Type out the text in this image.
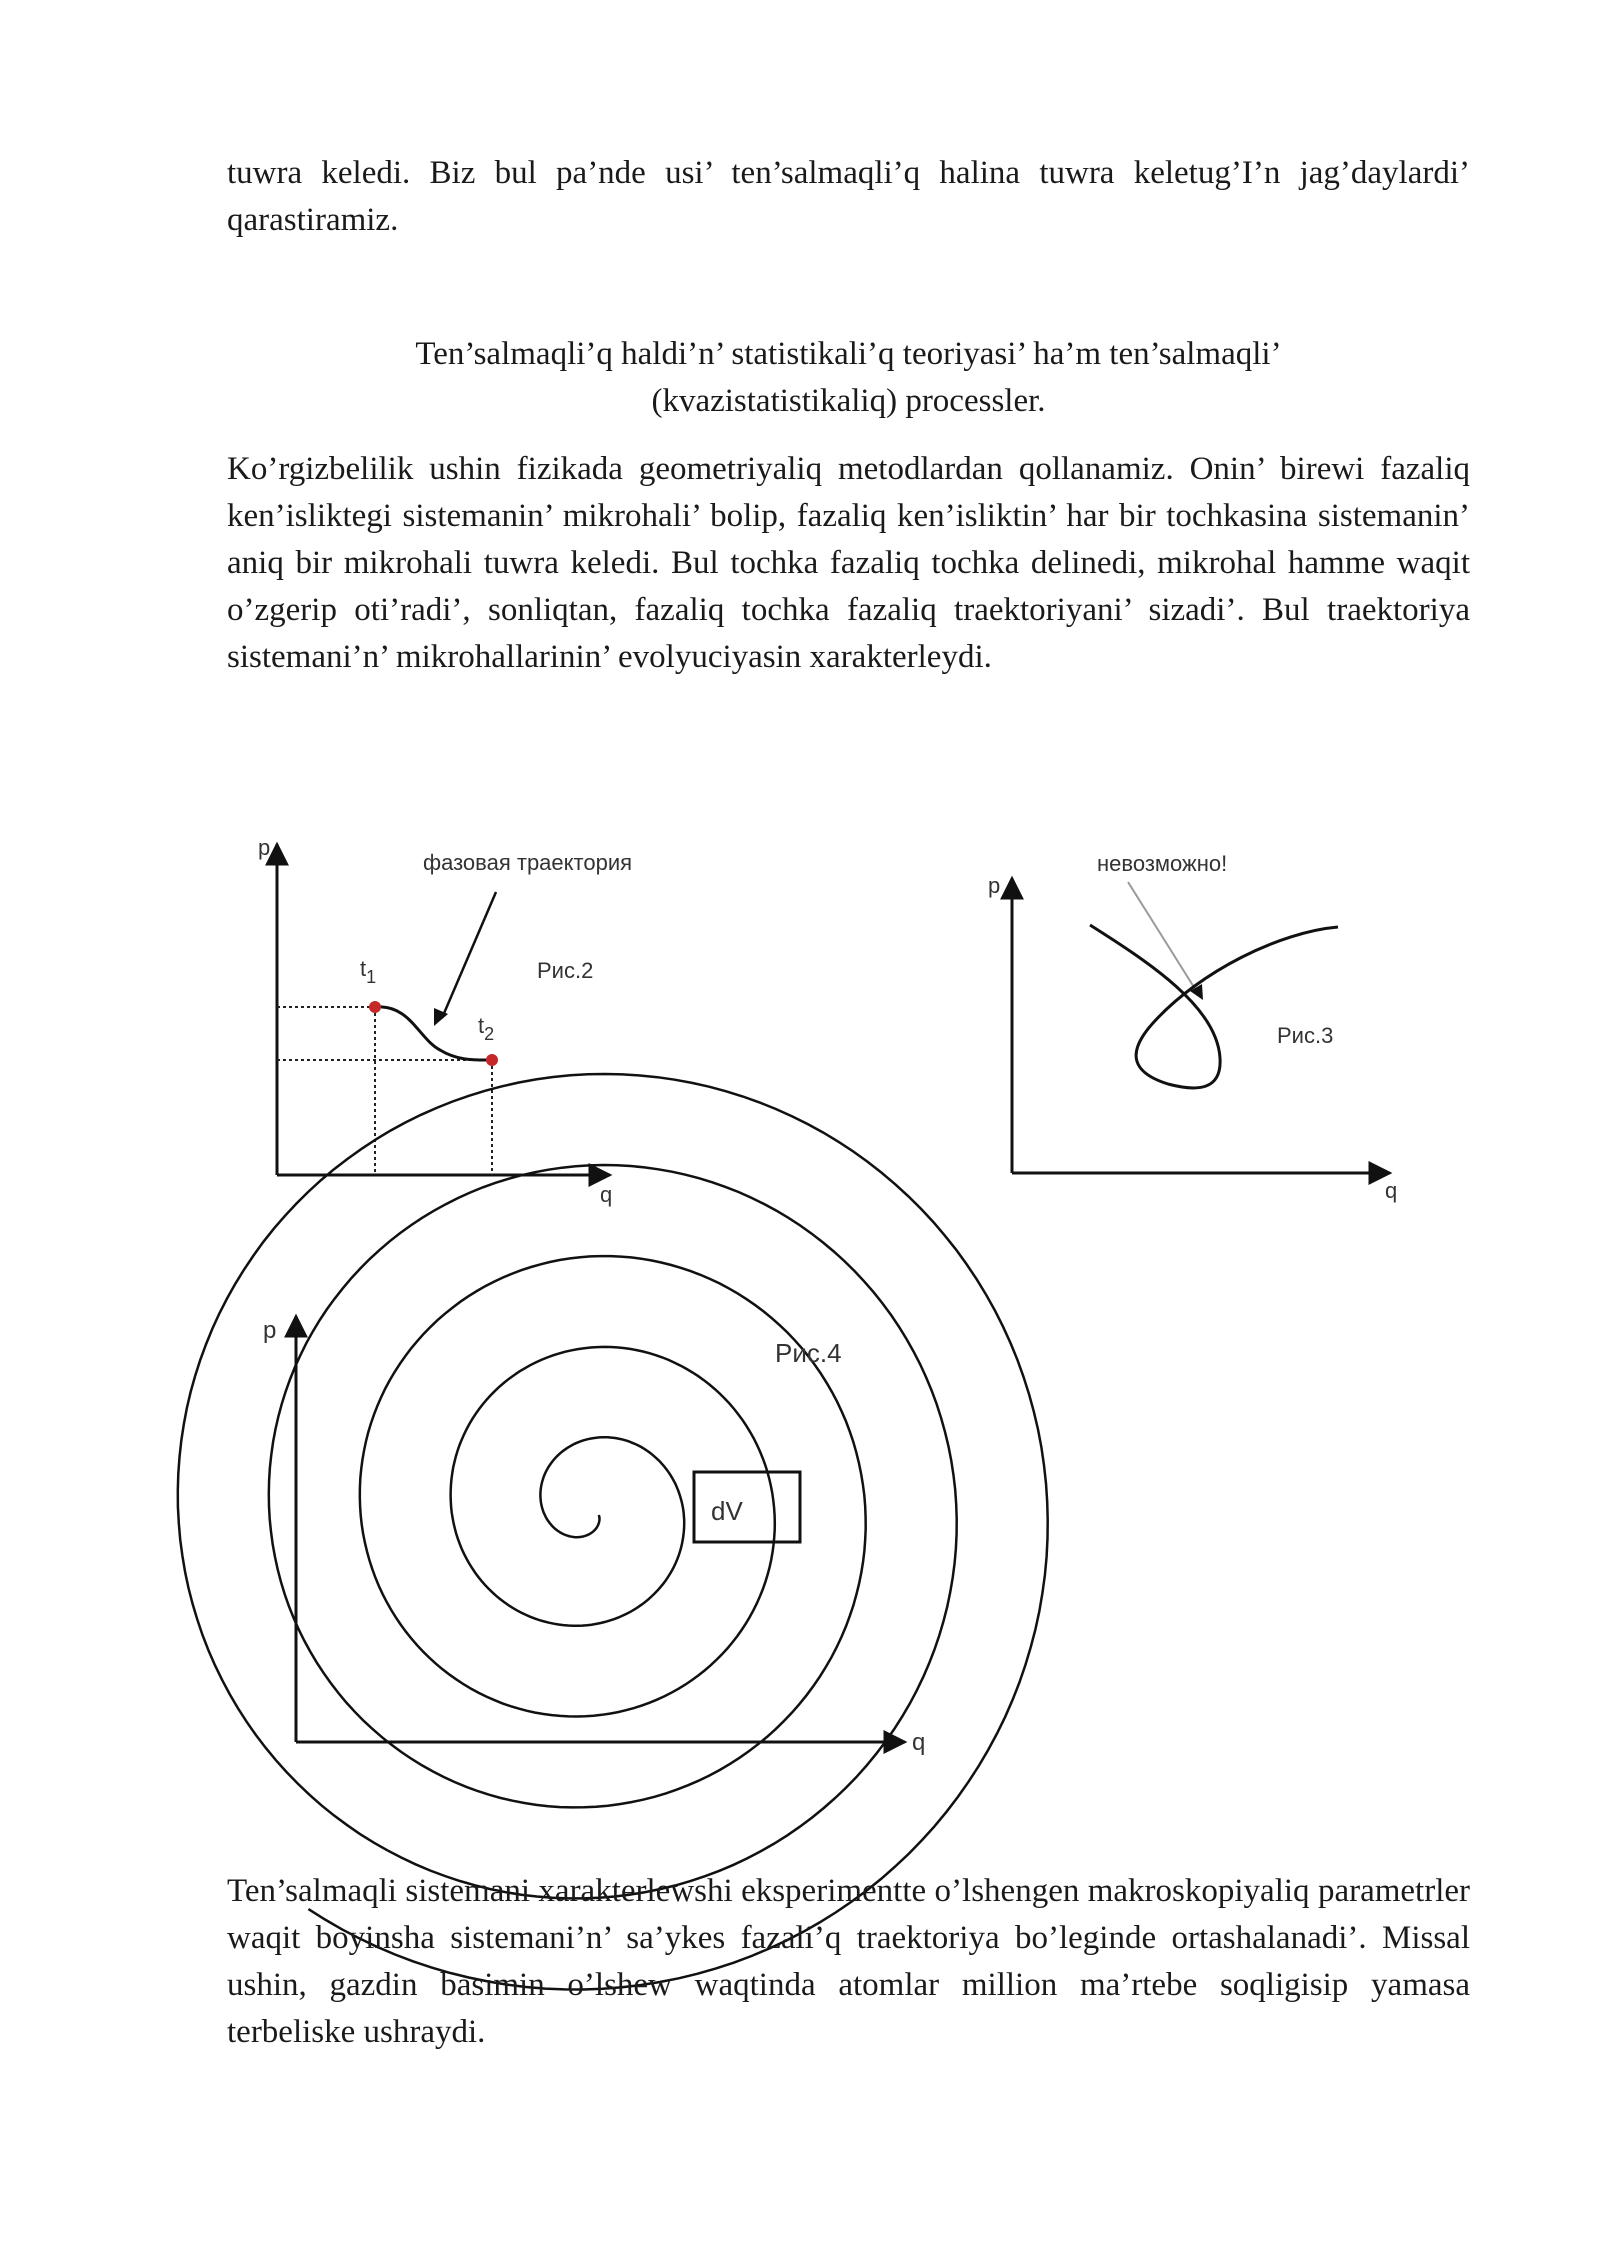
tuwra keledi. Biz bul pa’nde usi’ ten’salmaqli’q halina tuwra keletug’I’n jag’daylardi’ qarastiramiz.

Ten’salmaqli’q haldi’n’ statistikali’q teoriyasi’ ha’m ten’salmaqli’
(kvazistatistikaliq) processler.

Ko’rgizbelilik ushin fizikada geometriyaliq metodlardan qollanamiz. Onin’ birewi fazaliq ken’isliktegi sistemanin’ mikrohali’ bolip, fazaliq ken’isliktin’ har bir tochkasina sistemanin’ aniq bir mikrohali tuwra keledi. Bul tochka fazaliq tochka delinedi, mikrohal hamme waqit o’zgerip oti’radi’, sonliqtan, fazaliq tochka fazaliq traektoriyani’ sizadi’. Bul traektoriya sistemani’n’ mikrohallarinin’ evolyuciyasin xarakterleydi.

p
q
$t_1$
$t_2$
фазовая траектория
Рис.2
p
q
невозможно!
Рис.3
p
q
dV
Рис.4

Ten’salmaqli sistemani xarakterlewshi eksperimentte o’lshengen makroskopiyaliq parametrler waqit boyinsha sistemani’n’ sa’ykes fazali’q traektoriya bo’leginde ortashalanadi’. Missal ushin, gazdin basimin o’lshew waqtinda atomlar million ma’rtebe soqligisip yamasa terbeliske ushraydi.
